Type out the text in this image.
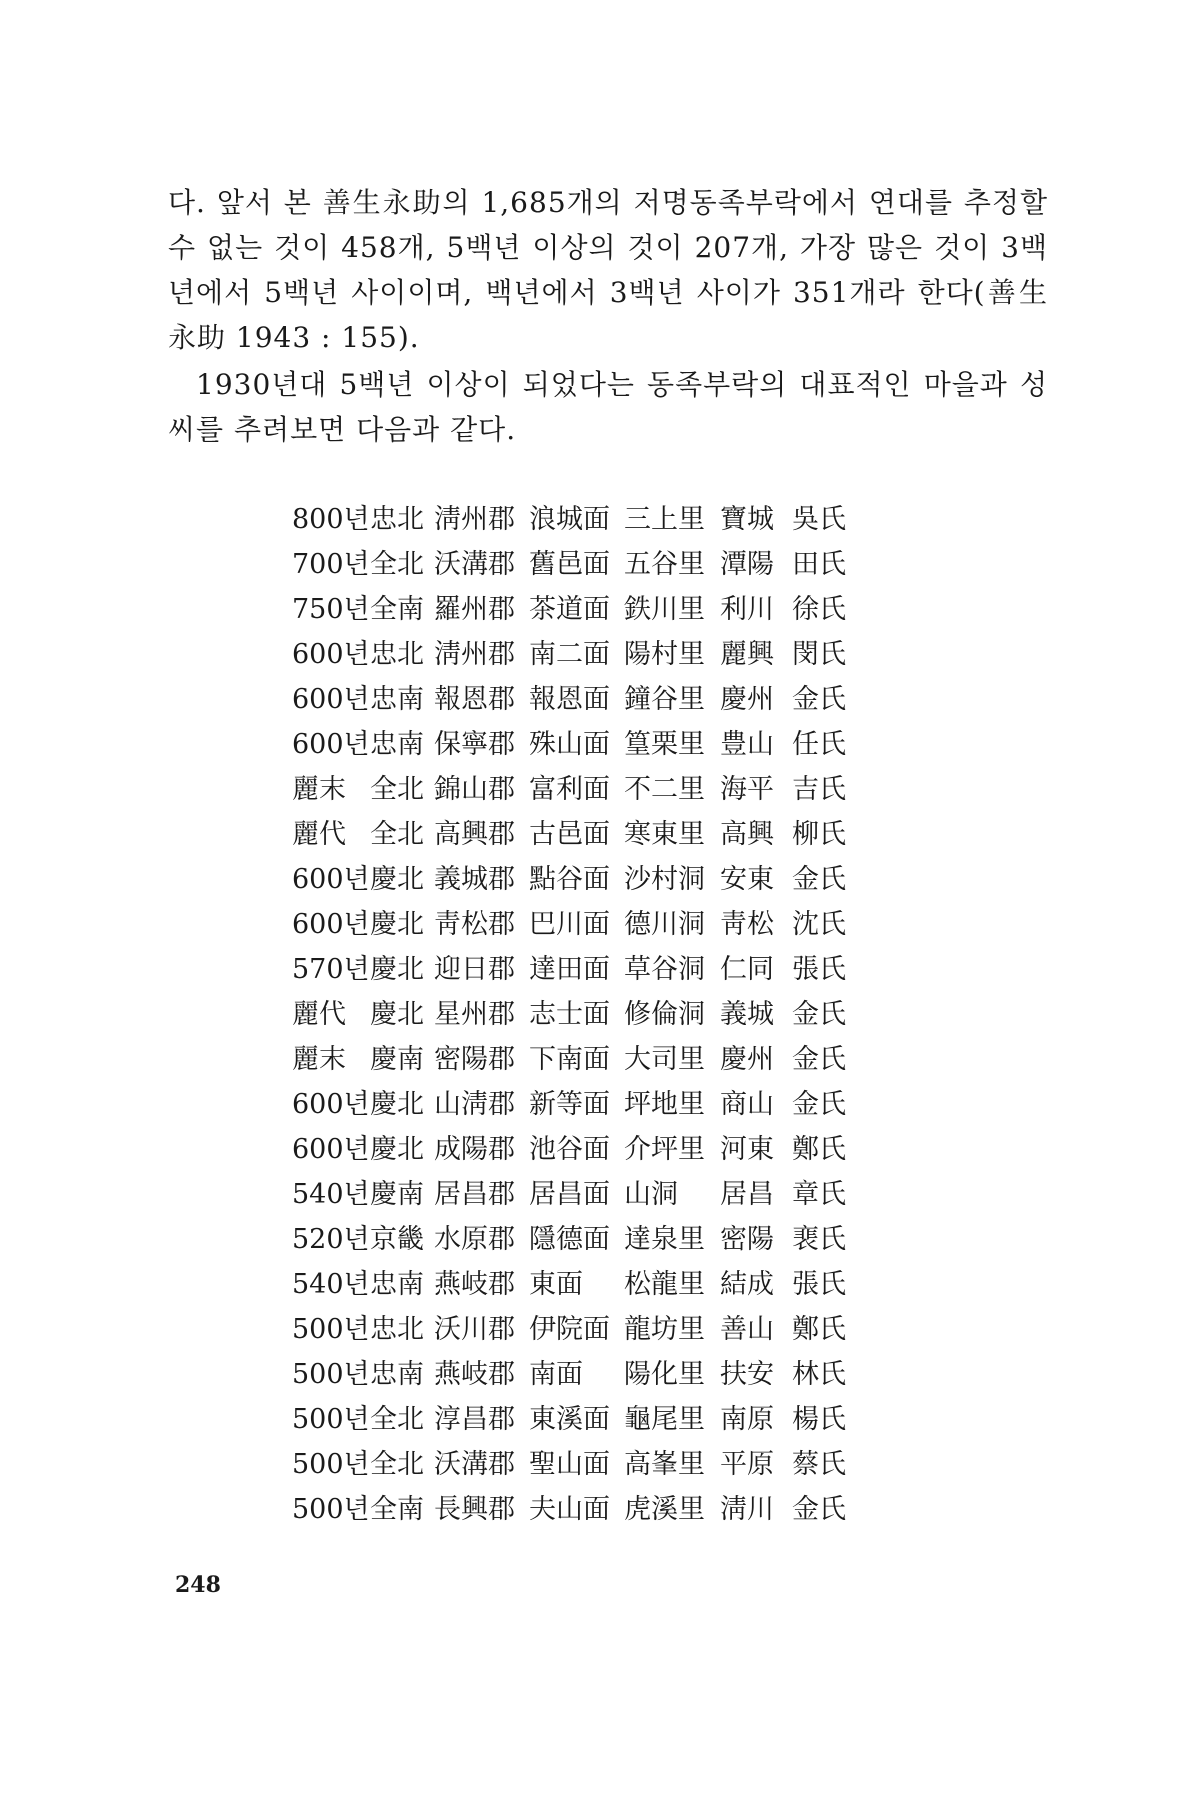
다. 앞서 본 善生永助의 1,685개의 저명동족부락에서 연대를 추정할 수 없는 것이 458개, 5백년 이상의 것이 207개, 가장 많은 것이 3백년에서 5백년 사이이며, 백년에서 3백년 사이가 351개라 한다(善生永助 1943 : 155).

1930년대 5백년 이상이 되었다는 동족부락의 대표적인 마을과 성씨를 추려보면 다음과 같다.

800년 忠北 淸州郡 浪城面 三上里 寶城 吳氏
700년 全北 沃溝郡 舊邑面 五谷里 潭陽 田氏
750년 全南 羅州郡 茶道面 鉄川里 利川 徐氏
600년 忠北 淸州郡 南二面 陽村里 麗興 閔氏
600년 忠南 報恩郡 報恩面 鐘谷里 慶州 金氏
600년 忠南 保寧郡 殊山面 篁栗里 豊山 任氏
麗末 全北 錦山郡 富利面 不二里 海平 吉氏
麗代 全北 高興郡 古邑面 寒東里 高興 柳氏
600년 慶北 義城郡 點谷面 沙村洞 安東 金氏
600년 慶北 靑松郡 巴川面 德川洞 靑松 沈氏
570년 慶北 迎日郡 達田面 草谷洞 仁同 張氏
麗代 慶北 星州郡 志士面 修倫洞 義城 金氏
麗末 慶南 密陽郡 下南面 大司里 慶州 金氏
600년 慶北 山淸郡 新等面 坪地里 商山 金氏
600년 慶北 成陽郡 池谷面 介坪里 河東 鄭氏
540년 慶南 居昌郡 居昌面 山洞	居昌 章氏
520년 京畿 水原郡 隱德面 達泉里 密陽 裵氏
540년 忠南 燕岐郡 東面	松龍里 結成 張氏
500년 忠北 沃川郡 伊院面 龍坊里 善山 鄭氏
500년 忠南 燕岐郡 南面	陽化里 扶安 林氏
500년 全北 淳昌郡 東溪面 龜尾里 南原 楊氏
500년 全北 沃溝郡 聖山面 高峯里 平原 蔡氏
500년 全南 長興郡 夫山面 虎溪里 淸川 金氏

248
